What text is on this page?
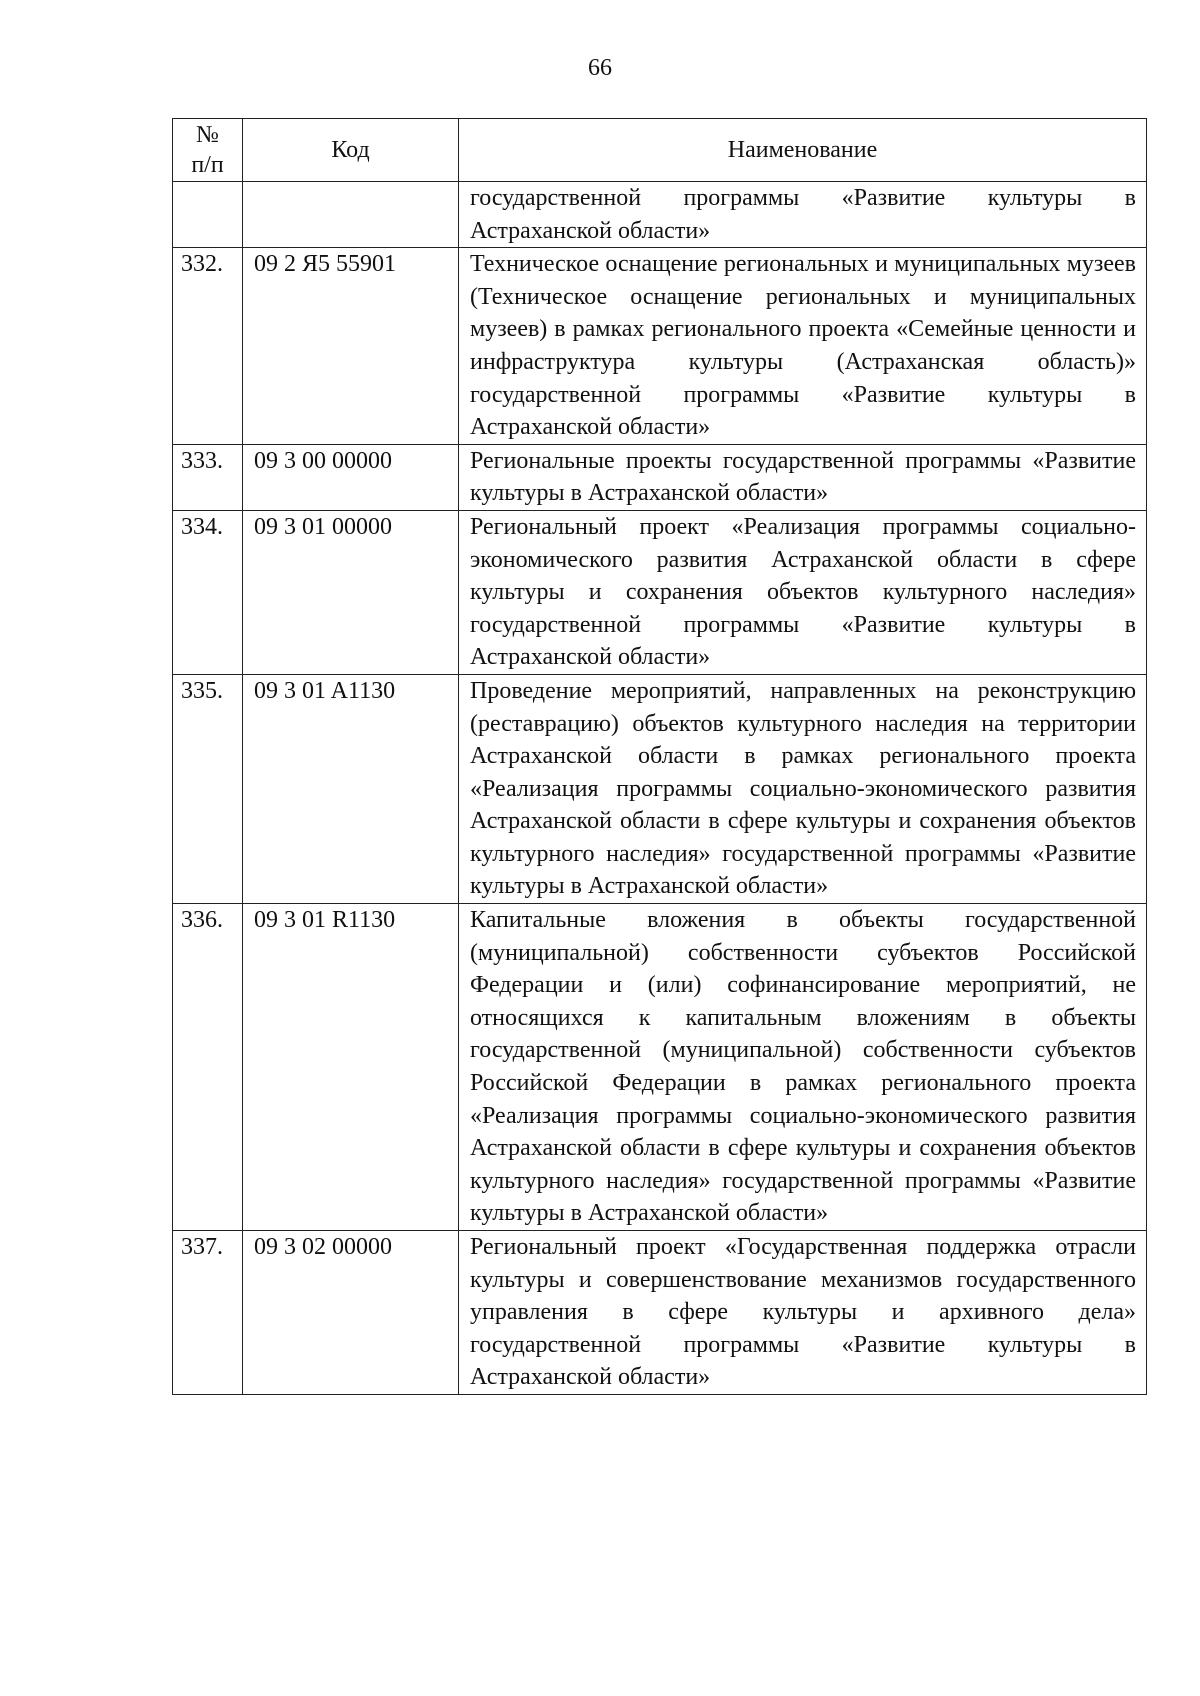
66
№
п/п	Код	Наименование
		государственной программы «Развитие культуры в Астраханской области»
332.	09 2 Я5 55901	Техническое оснащение региональных и муниципальных музеев (Техническое оснащение региональных и муниципальных музеев) в рамках регионального проекта «Семейные ценности и инфраструктура культуры (Астраханская область)» государственной программы «Развитие культуры в Астраханской области»
333.	09 3 00 00000	Региональные проекты государственной программы «Развитие культуры в Астраханской области»
334.	09 3 01 00000	Региональный проект «Реализация программы социально-экономического развития Астраханской области в сфере культуры и сохранения объектов культурного наследия» государственной программы «Развитие культуры в Астраханской области»
335.	09 3 01 A1130	Проведение мероприятий, направленных на реконструкцию (реставрацию) объектов культурного наследия на территории Астраханской области в рамках регионального проекта «Реализация программы социально-экономического развития Астраханской области в сфере культуры и сохранения объектов культурного наследия» государственной программы «Развитие культуры в Астраханской области»
336.	09 3 01 R1130	Капитальные вложения в объекты государственной (муниципальной) собственности субъектов Российской Федерации и (или) софинансирование мероприятий, не относящихся к капитальным вложениям в объекты государственной (муниципальной) собственности субъектов Российской Федерации в рамках регионального проекта «Реализация программы социально-экономического развития Астраханской области в сфере культуры и сохранения объектов культурного наследия» государственной программы «Развитие культуры в Астраханской области»
337.	09 3 02 00000	Региональный проект «Государственная поддержка отрасли культуры и совершенствование механизмов государственного управления в сфере культуры и архивного дела» государственной программы «Развитие культуры в Астраханской области»
